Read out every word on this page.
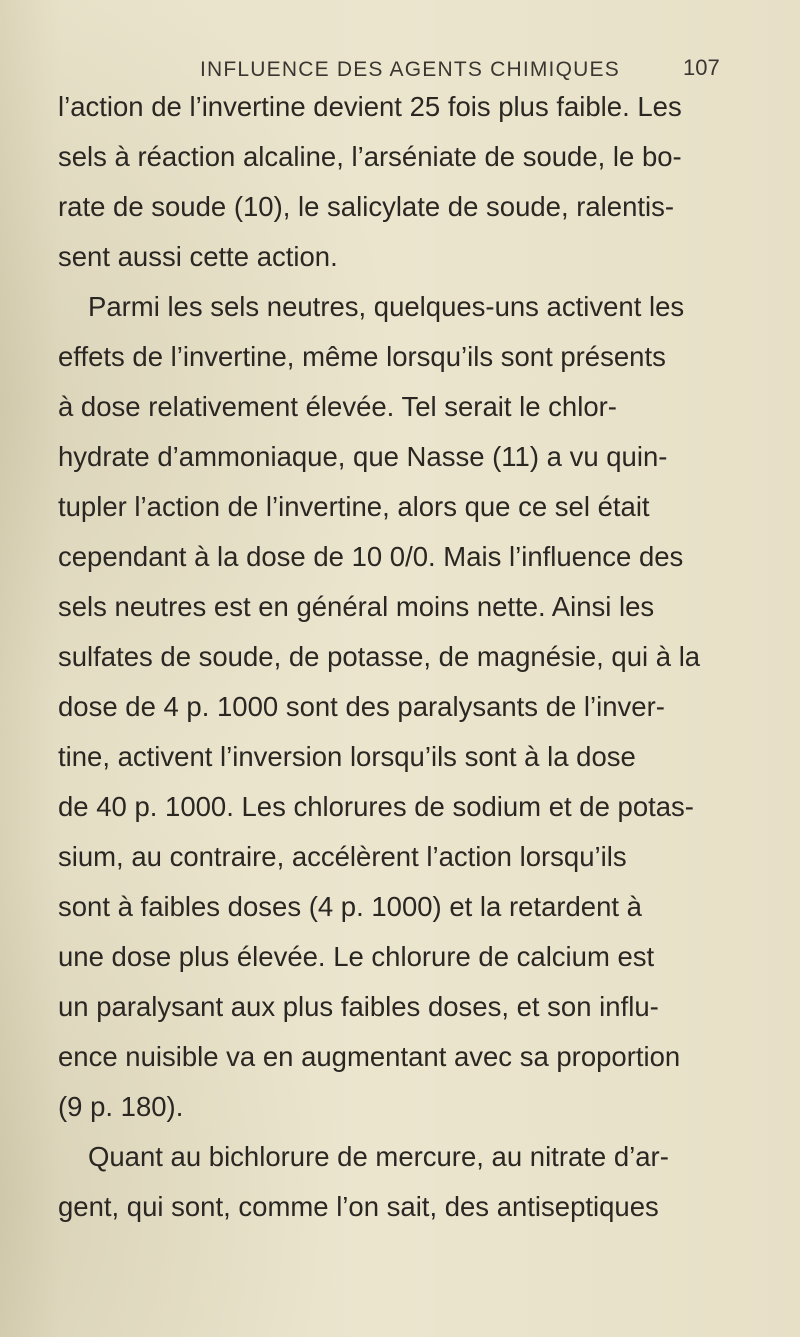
INFLUENCE DES AGENTS CHIMIQUES	107
l’action de l’invertine devient 25 fois plus faible. Les
sels à réaction alcaline, l’arséniate de soude, le bo-
rate de soude (10), le salicylate de soude, ralentis-
sent aussi cette action.
Parmi les sels neutres, quelques-uns activent les
effets de l’invertine, même lorsqu’ils sont présents
à dose relativement élevée. Tel serait le chlor-
hydrate d’ammoniaque, que Nasse (11) a vu quin-
tupler l’action de l’invertine, alors que ce sel était
cependant à la dose de 10 0/0. Mais l’influence des
sels neutres est en général moins nette. Ainsi les
sulfates de soude, de potasse, de magnésie, qui à la
dose de 4 p. 1000 sont des paralysants de l’inver-
tine, activent l’inversion lorsqu’ils sont à la dose
de 40 p. 1000. Les chlorures de sodium et de potas-
sium, au contraire, accélèrent l’action lorsqu’ils
sont à faibles doses (4 p. 1000) et la retardent à
une dose plus élevée. Le chlorure de calcium est
un paralysant aux plus faibles doses, et son influ-
ence nuisible va en augmentant avec sa proportion
(9 p. 180).
Quant au bichlorure de mercure, au nitrate d’ar-
gent, qui sont, comme l’on sait, des antiseptiques
